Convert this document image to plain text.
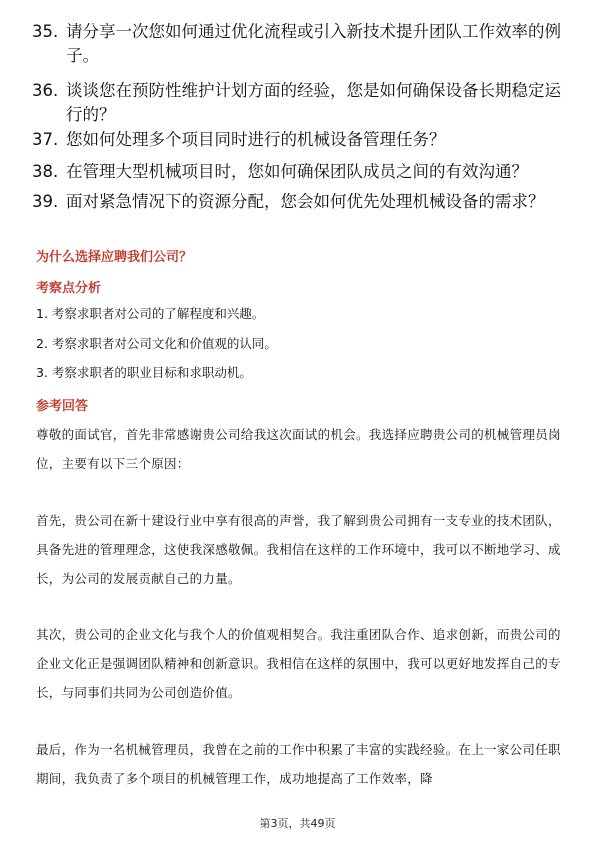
35. 请分享一次您如何通过优化流程或引入新技术提升团队工作效率的例子。
36. 谈谈您在预防性维护计划方面的经验，您是如何确保设备长期稳定运行的？
37. 您如何处理多个项目同时进行的机械设备管理任务？
38. 在管理大型机械项目时，您如何确保团队成员之间的有效沟通？
39. 面对紧急情况下的资源分配，您会如何优先处理机械设备的需求？
为什么选择应聘我们公司？
考察点分析
1. 考察求职者对公司的了解程度和兴趣。
2. 考察求职者对公司文化和价值观的认同。
3. 考察求职者的职业目标和求职动机。
参考回答
尊敬的面试官，首先非常感谢贵公司给我这次面试的机会。我选择应聘贵公司的机械管理员岗位，主要有以下三个原因：
首先，贵公司在新十建设行业中享有很高的声誉，我了解到贵公司拥有一支专业的技术团队，具备先进的管理理念，这使我深感敬佩。我相信在这样的工作环境中，我可以不断地学习、成长，为公司的发展贡献自己的力量。
其次，贵公司的企业文化与我个人的价值观相契合。我注重团队合作、追求创新，而贵公司的企业文化正是强调团队精神和创新意识。我相信在这样的氛围中，我可以更好地发挥自己的专长，与同事们共同为公司创造价值。
最后，作为一名机械管理员，我曾在之前的工作中积累了丰富的实践经验。在上一家公司任职期间，我负责了多个项目的机械管理工作，成功地提高了工作效率，降
第3页，共49页
